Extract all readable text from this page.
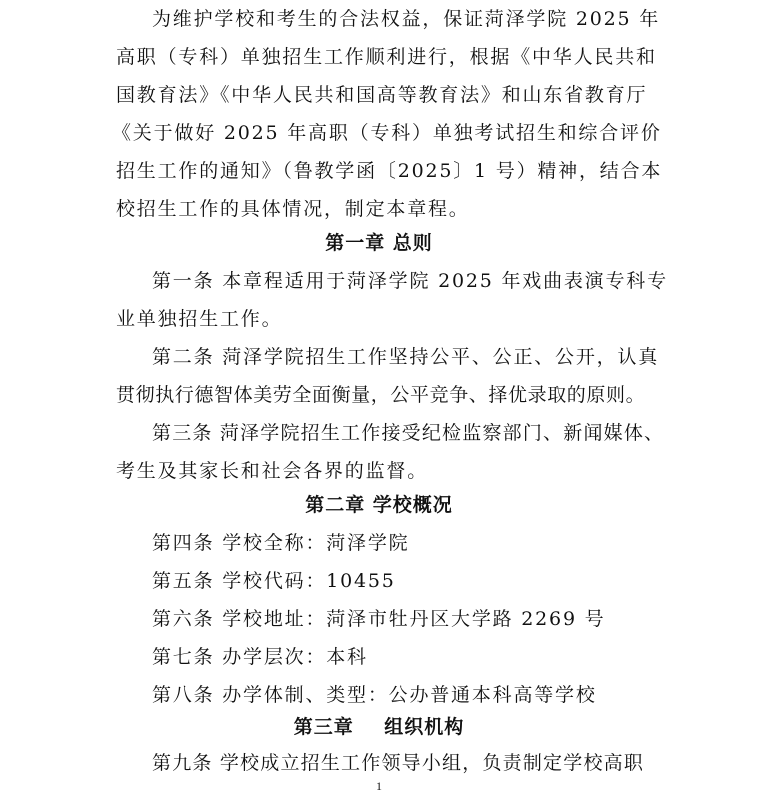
为维护学校和考生的合法权益，保证菏泽学院 2025 年
高职（专科）单独招生工作顺利进行，根据《中华人民共和
国教育法》《中华人民共和国高等教育法》和山东省教育厅
《关于做好 2025 年高职（专科）单独考试招生和综合评价
招生工作的通知》（鲁教学函〔2025〕1 号）精神，结合本
校招生工作的具体情况，制定本章程。
第一章 总则
第一条 本章程适用于菏泽学院 2025 年戏曲表演专科专
业单独招生工作。
第二条 菏泽学院招生工作坚持公平、公正、公开，认真
贯彻执行德智体美劳全面衡量，公平竞争、择优录取的原则。
第三条 菏泽学院招生工作接受纪检监察部门、新闻媒体、
考生及其家长和社会各界的监督。
第二章 学校概况
第四条 学校全称：菏泽学院
第五条 学校代码：10455
第六条 学校地址：菏泽市牡丹区大学路 2269 号
第七条 办学层次：本科
第八条 办学体制、类型：公办普通本科高等学校
第三章    组织机构
第九条 学校成立招生工作领导小组，负责制定学校高职
1
